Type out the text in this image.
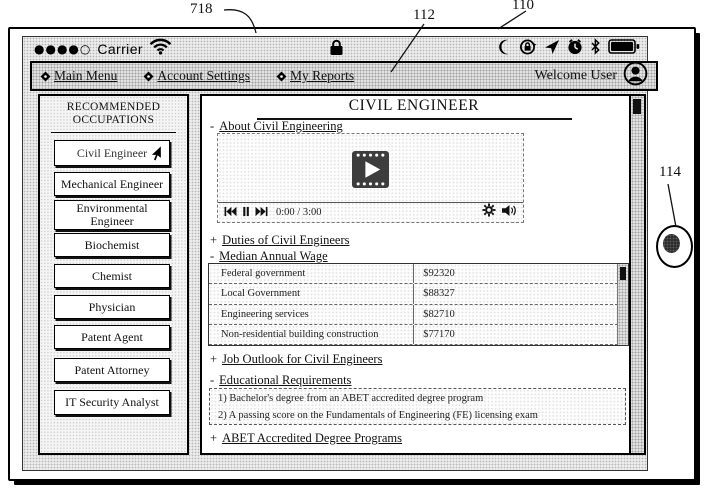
●●●●○ Carrier
Main Menu	Account Settings	My Reports	Welcome User
RECOMMENDED OCCUPATIONS
Civil Engineer
Mechanical Engineer
Environmental Engineer
Biochemist
Chemist
Physician
Patent Agent
Patent Attorney
IT Security Analyst
CIVIL ENGINEER
- About Civil Engineering
0:00 / 3:00
+ Duties of Civil Engineers
- Median Annual Wage
Federal government	$92320
Local Government	$88327
Engineering services	$82710
Non-residential building construction	$77170
+ Job Outlook for Civil Engineers
- Educational Requirements
1) Bachelor's degree from an ABET accredited degree program
2) A passing score on the Fundamentals of Engineering (FE) licensing exam
+ ABET Accredited Degree Programs
718	112
110
114
